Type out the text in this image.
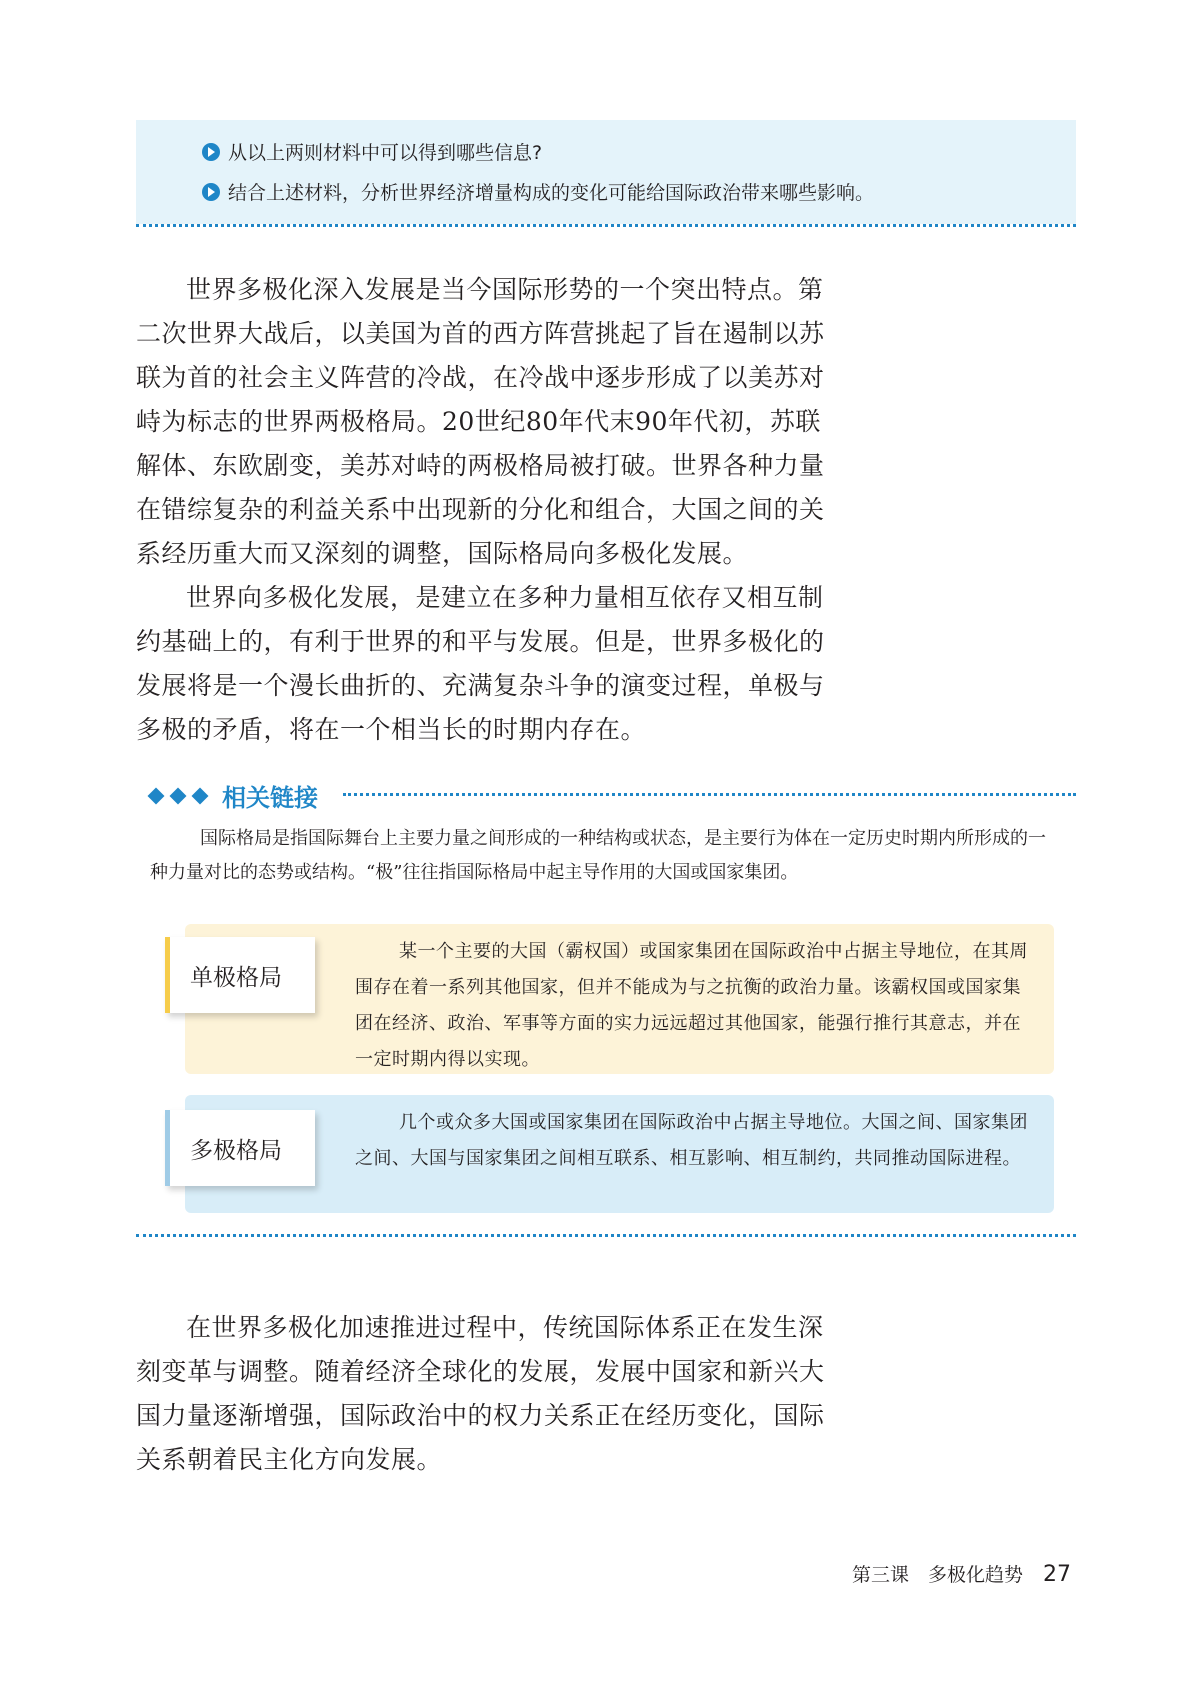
从以上两则材料中可以得到哪些信息?
结合上述材料，分析世界经济增量构成的变化可能给国际政治带来哪些影响。

世界多极化深入发展是当今国际形势的一个突出特点。第二次世界大战后，以美国为首的西方阵营挑起了旨在遏制以苏联为首的社会主义阵营的冷战，在冷战中逐步形成了以美苏对峙为标志的世界两极格局。20世纪80年代末90年代初，苏联解体、东欧剧变，美苏对峙的两极格局被打破。世界各种力量在错综复杂的利益关系中出现新的分化和组合，大国之间的关系经历重大而又深刻的调整，国际格局向多极化发展。

世界向多极化发展，是建立在多种力量相互依存又相互制约基础上的，有利于世界的和平与发展。但是，世界多极化的发展将是一个漫长曲折的、充满复杂斗争的演变过程，单极与多极的矛盾，将在一个相当长的时期内存在。

相关链接

国际格局是指国际舞台上主要力量之间形成的一种结构或状态，是主要行为体在一定历史时期内所形成的一种力量对比的态势或结构。“极”往往指国际格局中起主导作用的大国或国家集团。

某一个主要的大国（霸权国）或国家集团在国际政治中占据主导地位，在其周围存在着一系列其他国家，但并不能成为与之抗衡的政治力量。该霸权国或国家集团在经济、政治、军事等方面的实力远远超过其他国家，能强行推行其意志，并在一定时期内得以实现。

单极格局

几个或众多大国或国家集团在国际政治中占据主导地位。大国之间、国家集团之间、大国与国家集团之间相互联系、相互影响、相互制约，共同推动国际进程。

多极格局

在世界多极化加速推进过程中，传统国际体系正在发生深刻变革与调整。随着经济全球化的发展，发展中国家和新兴大国力量逐渐增强，国际政治中的权力关系正在经历变化，国际关系朝着民主化方向发展。

第三课　多极化趋势 27
